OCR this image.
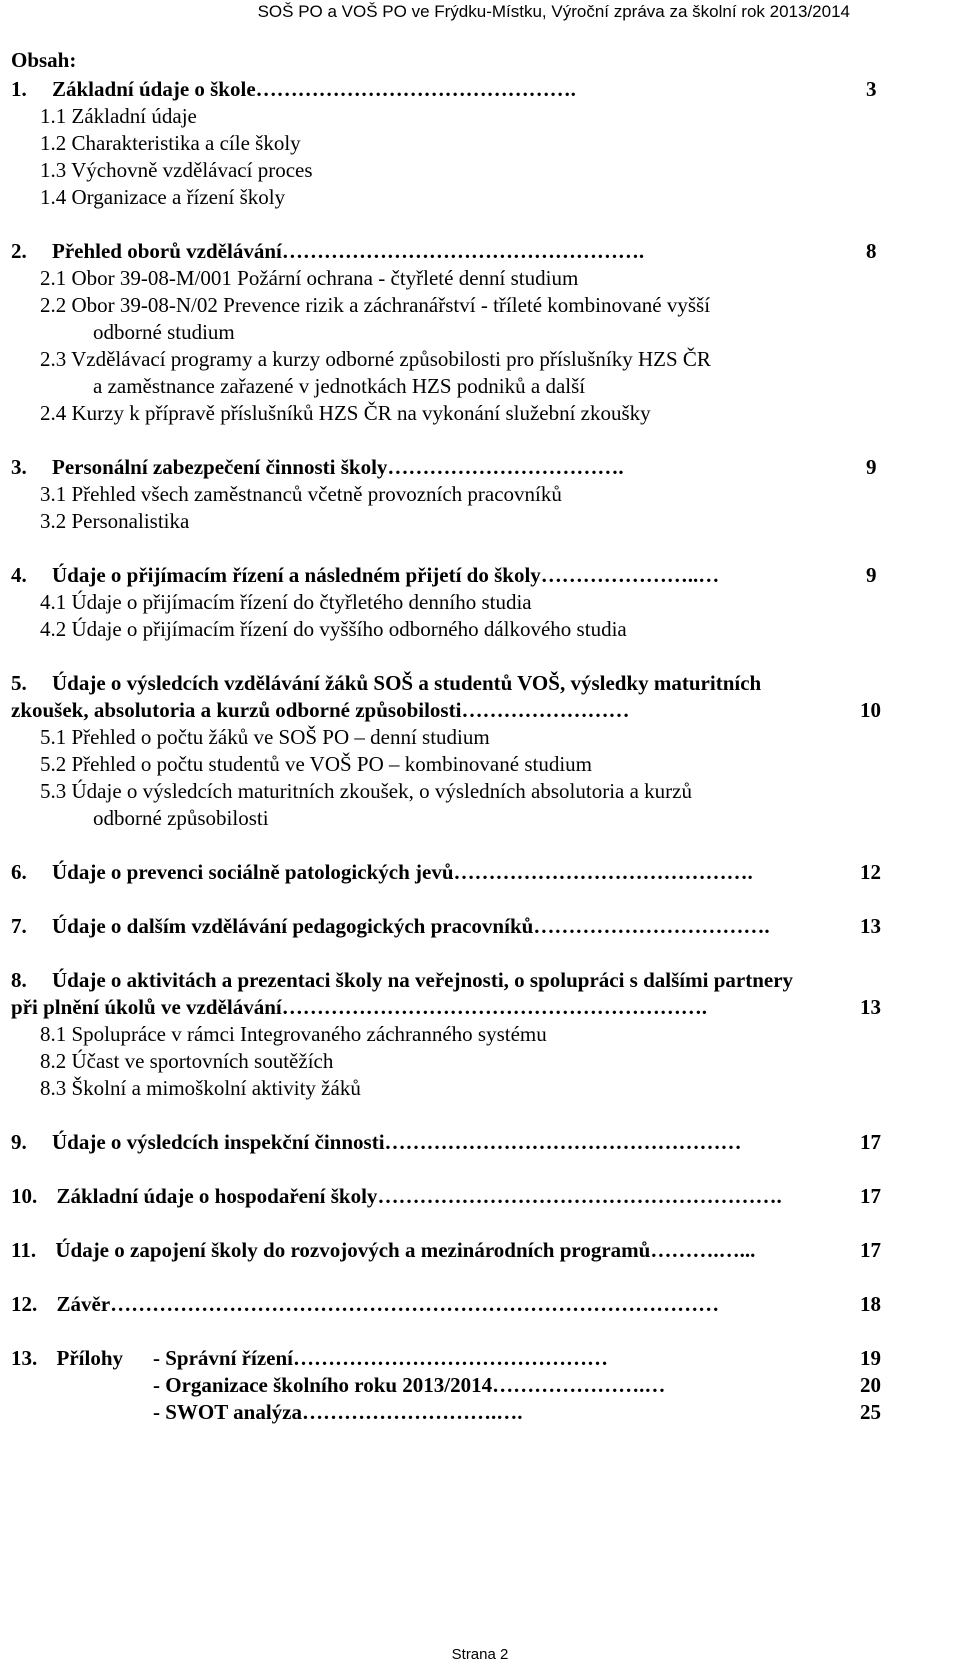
SOŠ PO a VOŠ PO ve Frýdku-Místku, Výroční zpráva za školní rok 2013/2014
Obsah:
1. Základní údaje o škole……………………………………….	3
1.1 Základní údaje
1.2 Charakteristika a cíle školy
1.3 Výchovně vzdělávací proces
1.4 Organizace a řízení školy
2. Přehled oborů vzdělávání…………………………………………….	8
2.1 Obor 39-08-M/001 Požární ochrana - čtyřleté denní studium
2.2 Obor 39-08-N/02 Prevence rizik a záchranářství - tříleté kombinované vyšší
odborné studium
2.3 Vzdělávací programy a kurzy odborné způsobilosti pro příslušníky HZS ČR
a zaměstnance zařazené v jednotkách HZS podniků a další
2.4 Kurzy k přípravě příslušníků HZS ČR na vykonání služební zkoušky
3. Personální zabezpečení činnosti školy…………………………….	9
3.1 Přehled všech zaměstnanců včetně provozních pracovníků
3.2 Personalistika
4. Údaje o přijímacím řízení a následném přijetí do školy…………………..…	9
4.1 Údaje o přijímacím řízení do čtyřletého denního studia
4.2 Údaje o přijímacím řízení do vyššího odborného dálkového studia
5. Údaje o výsledcích vzdělávání žáků SOŠ a studentů VOŠ, výsledky maturitních
zkoušek, absolutoria a kurzů odborné způsobilosti……………………	10
5.1 Přehled o počtu žáků ve SOŠ PO – denní studium
5.2 Přehled o počtu studentů ve VOŠ PO – kombinované studium
5.3 Údaje o výsledcích maturitních zkoušek, o výsledních absolutoria a kurzů
odborné způsobilosti
6. Údaje o prevenci sociálně patologických jevů…………………………………….	12
7. Údaje o dalším vzdělávání pedagogických pracovníků…………………………….	13
8. Údaje o aktivitách a prezentaci školy na veřejnosti, o spolupráci s dalšími partnery
při plnění úkolů ve vzdělávání…………………………………………………….	13
8.1 Spolupráce v rámci Integrovaného záchranného systému
8.2 Účast ve sportovních soutěžích
8.3 Školní a mimoškolní aktivity žáků
9. Údaje o výsledcích inspekční činnosti……………………………………………	17
10. Základní údaje o hospodaření školy………………………………………………….	17
11. Údaje o zapojení školy do rozvojových a mezinárodních programů……….…...	17
12. Závěr……………………………………………………………………………	18
13. Přílohy - Správní řízení………………………………………	19
- Organizace školního roku 2013/2014………………….…	20
- SWOT analýza……………………….….	25
Strana 2
